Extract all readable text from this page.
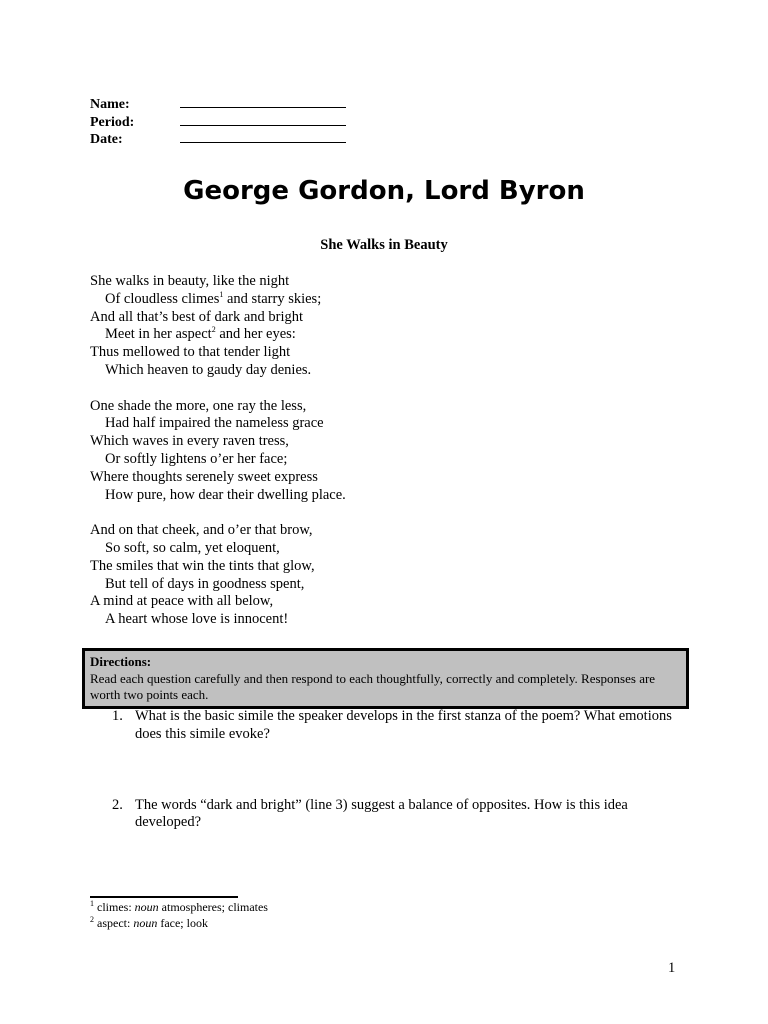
Name:
Period:
Date:
George Gordon, Lord Byron
She Walks in Beauty
She walks in beauty, like the night
Of cloudless climes$^1$ and starry skies;
And all that’s best of dark and bright
Meet in her aspect$^2$ and her eyes:
Thus mellowed to that tender light
Which heaven to gaudy day denies.
One shade the more, one ray the less,
Had half impaired the nameless grace
Which waves in every raven tress,
Or softly lightens o’er her face;
Where thoughts serenely sweet express
How pure, how dear their dwelling place.
And on that cheek, and o’er that brow,
So soft, so calm, yet eloquent,
The smiles that win the tints that glow,
But tell of days in goodness spent,
A mind at peace with all below,
A heart whose love is innocent!
Directions:
Read each question carefully and then respond to each thoughtfully, correctly and completely. Responses are worth two points each.
1. What is the basic simile the speaker develops in the first stanza of the poem? What emotions does this simile evoke?
2. The words “dark and bright” (line 3) suggest a balance of opposites. How is this idea developed?
$^1$ climes: noun atmospheres; climates
$^2$ aspect: noun face; look
1
